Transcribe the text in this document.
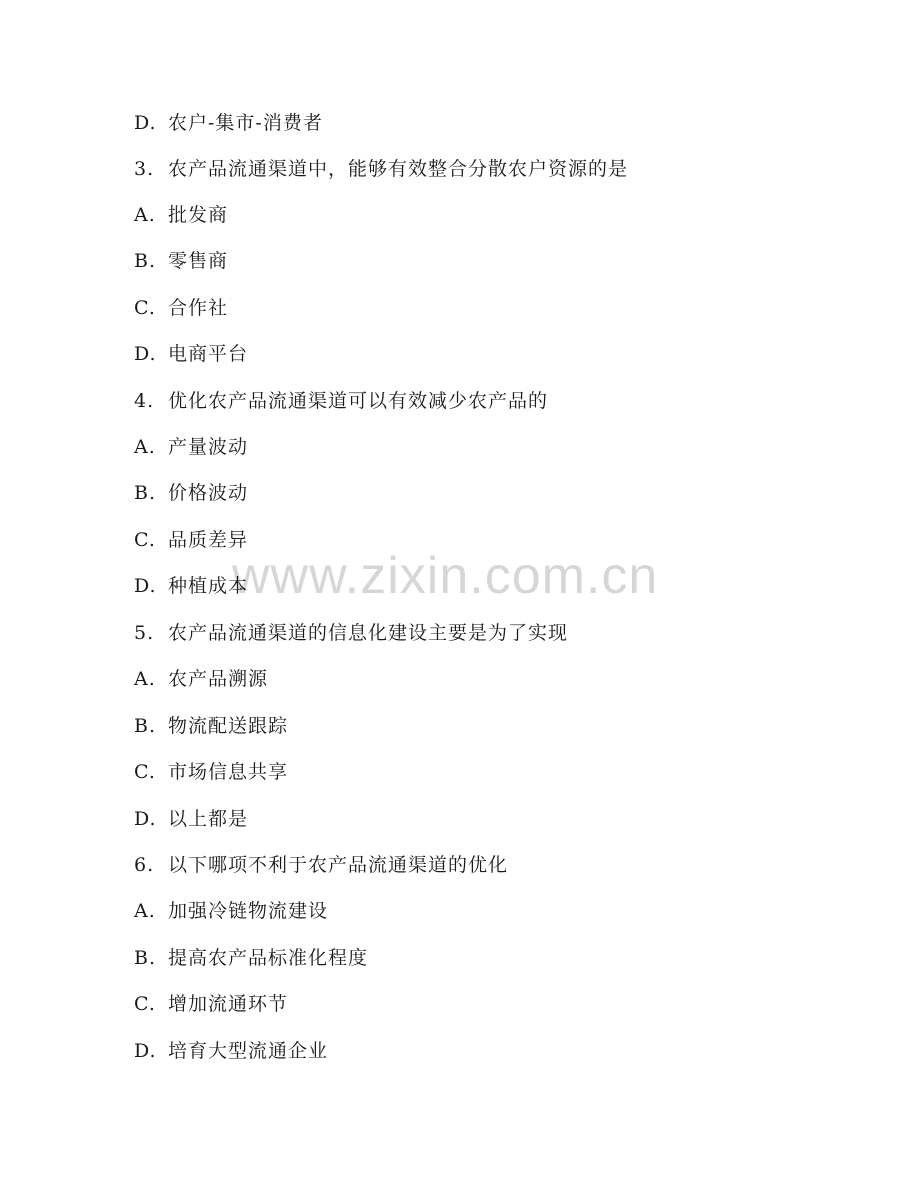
D. 农户-集市-消费者
3. 农产品流通渠道中，能够有效整合分散农户资源的是
A. 批发商
B. 零售商
C. 合作社
D. 电商平台
4. 优化农产品流通渠道可以有效减少农产品的
A. 产量波动
B. 价格波动
C. 品质差异
D. 种植成本
5. 农产品流通渠道的信息化建设主要是为了实现
A. 农产品溯源
B. 物流配送跟踪
C. 市场信息共享
D. 以上都是
6. 以下哪项不利于农产品流通渠道的优化
A. 加强冷链物流建设
B. 提高农产品标准化程度
C. 增加流通环节
D. 培育大型流通企业
www.zixin.com.cn
